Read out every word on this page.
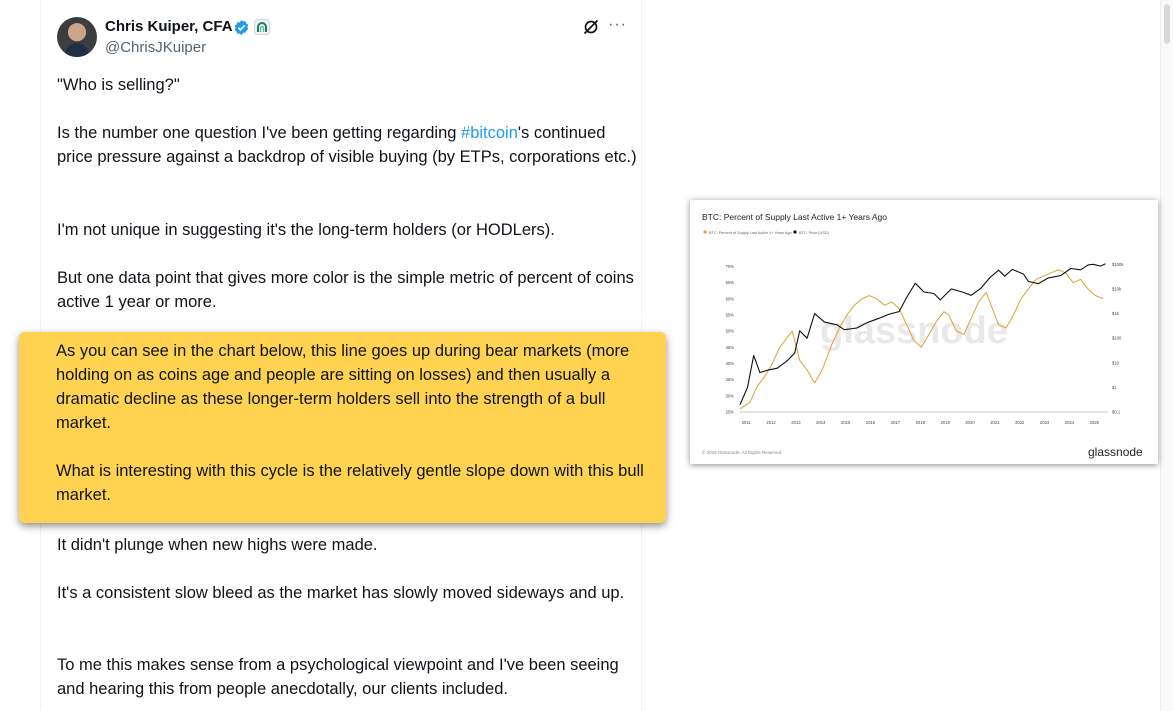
Chris Kuiper, CFA
@ChrisJKuiper
···
"Who is selling?"
Is the number one question I've been getting regarding #bitcoin's continued price pressure against a backdrop of visible buying (by ETPs, corporations etc.)
I'm not unique in suggesting it's the long-term holders (or HODLers).
But one data point that gives more color is the simple metric of percent of coins active 1 year or more.
As you can see in the chart below, this line goes up during bear markets (more holding on as coins age and people are sitting on losses) and then usually a dramatic decline as these longer-term holders sell into the strength of a bull market.
What is interesting with this cycle is the relatively gentle slope down with this bull market.
It didn't plunge when new highs were made.
It's a consistent slow bleed as the market has slowly moved sideways and up.
To me this makes sense from a psychological viewpoint and I've been seeing and hearing this from people anecdotally, our clients included.
BTC: Percent of Supply Last Active 1+ Years Ago
BTC: Percent of Supply Last Active 1+ Years Ago BTC: Price [USD]
glassnode
2011	2012	2013	2014	2015	2016	2017	2018	2019	2020	2021	2022	2023	2024	2025
70%
65%
60%
55%
50%
45%
40%
35%
30%
25%
$100k
$10k
$1k
$100
$10
$1
$0.1
© 2025 Glassnode. All Rights Reserved.	glassnode
